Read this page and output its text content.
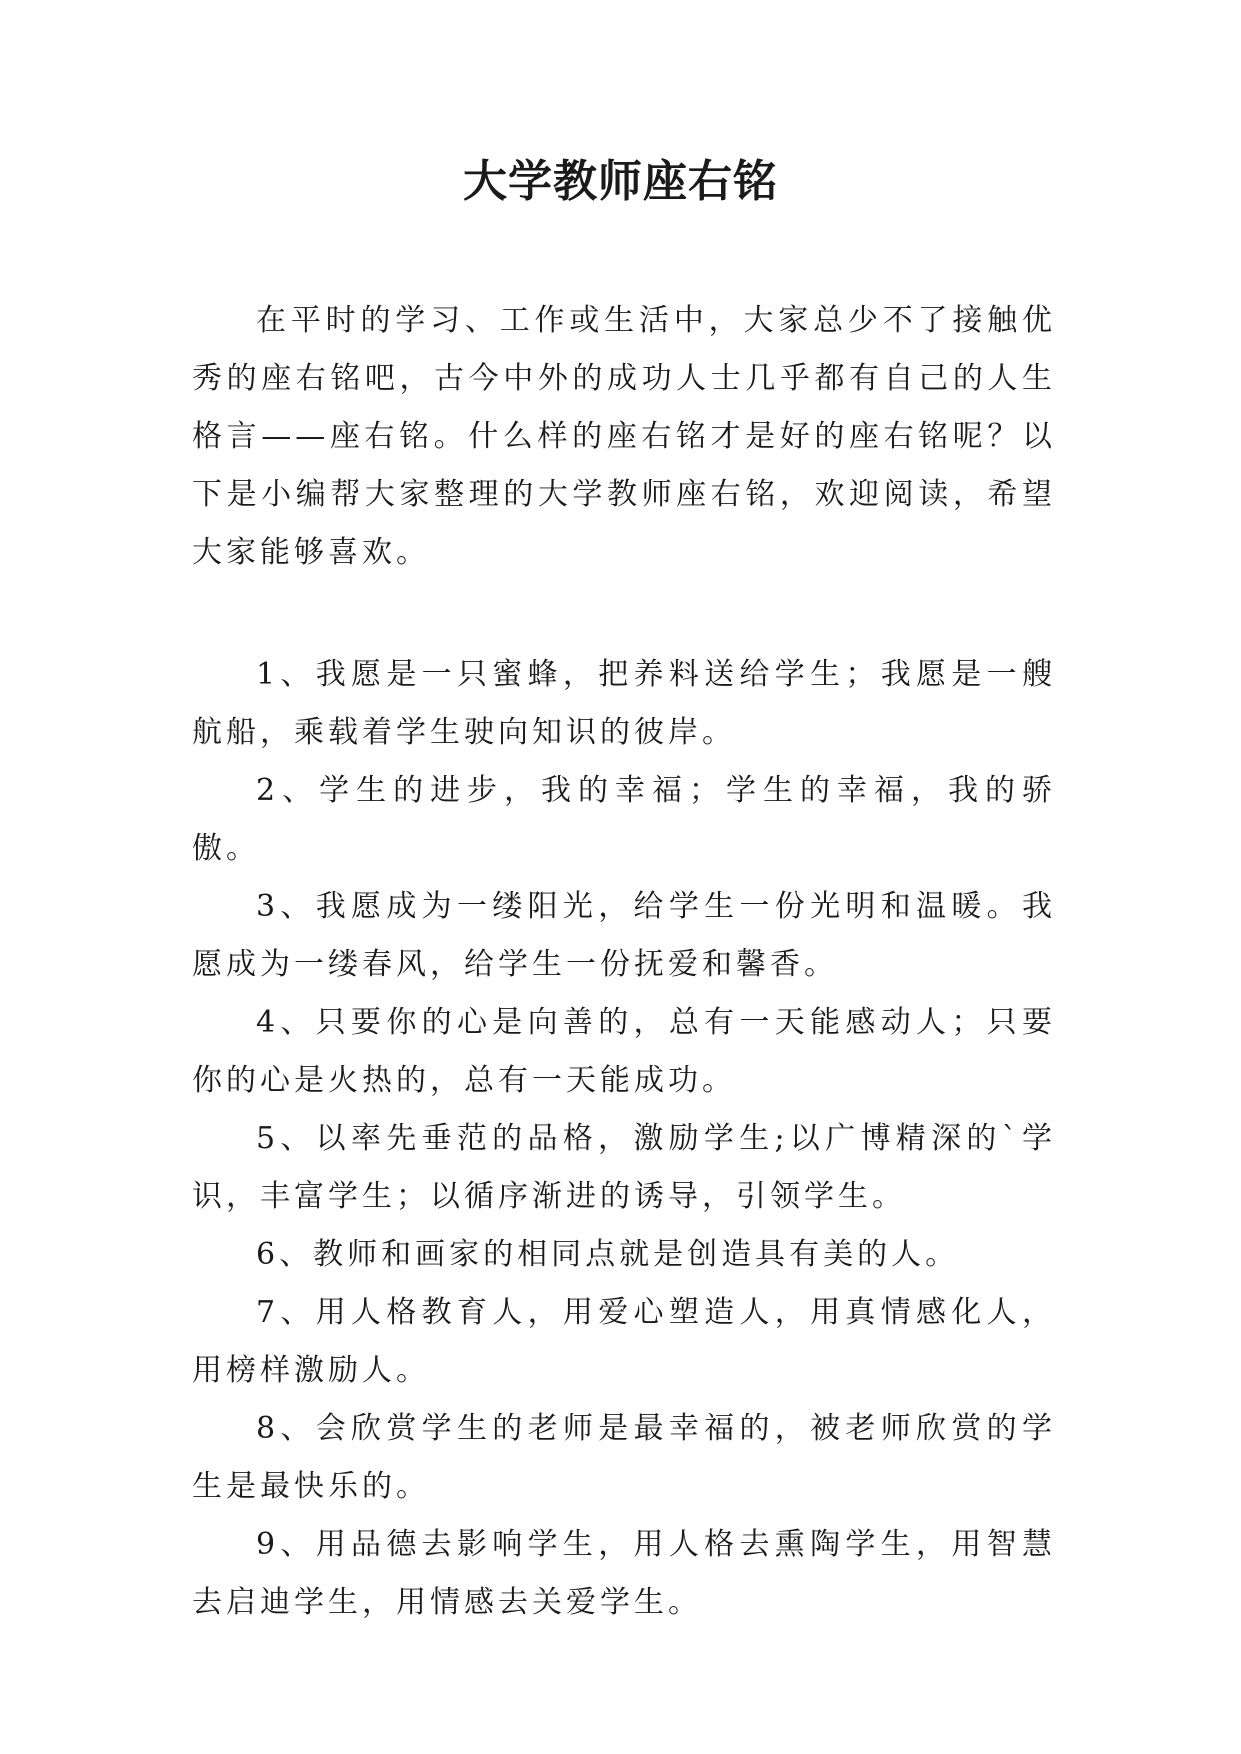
大学教师座右铭

在平时的学习、工作或生活中，大家总少不了接触优秀的座右铭吧，古今中外的成功人士几乎都有自己的人生格言——座右铭。什么样的座右铭才是好的座右铭呢？以下是小编帮大家整理的大学教师座右铭，欢迎阅读，希望大家能够喜欢。

1、我愿是一只蜜蜂，把养料送给学生；我愿是一艘航船，乘载着学生驶向知识的彼岸。

2、学生的进步，我的幸福；学生的幸福，我的骄傲。

3、我愿成为一缕阳光，给学生一份光明和温暖。我愿成为一缕春风，给学生一份抚爱和馨香。

4、只要你的心是向善的，总有一天能感动人；只要你的心是火热的，总有一天能成功。

5、以率先垂范的品格，激励学生;以广博精深的`学识，丰富学生；以循序渐进的诱导，引领学生。

6、教师和画家的相同点就是创造具有美的人。

7、用人格教育人，用爱心塑造人，用真情感化人，用榜样激励人。

8、会欣赏学生的老师是最幸福的，被老师欣赏的学生是最快乐的。

9、用品德去影响学生，用人格去熏陶学生，用智慧去启迪学生，用情感去关爱学生。
